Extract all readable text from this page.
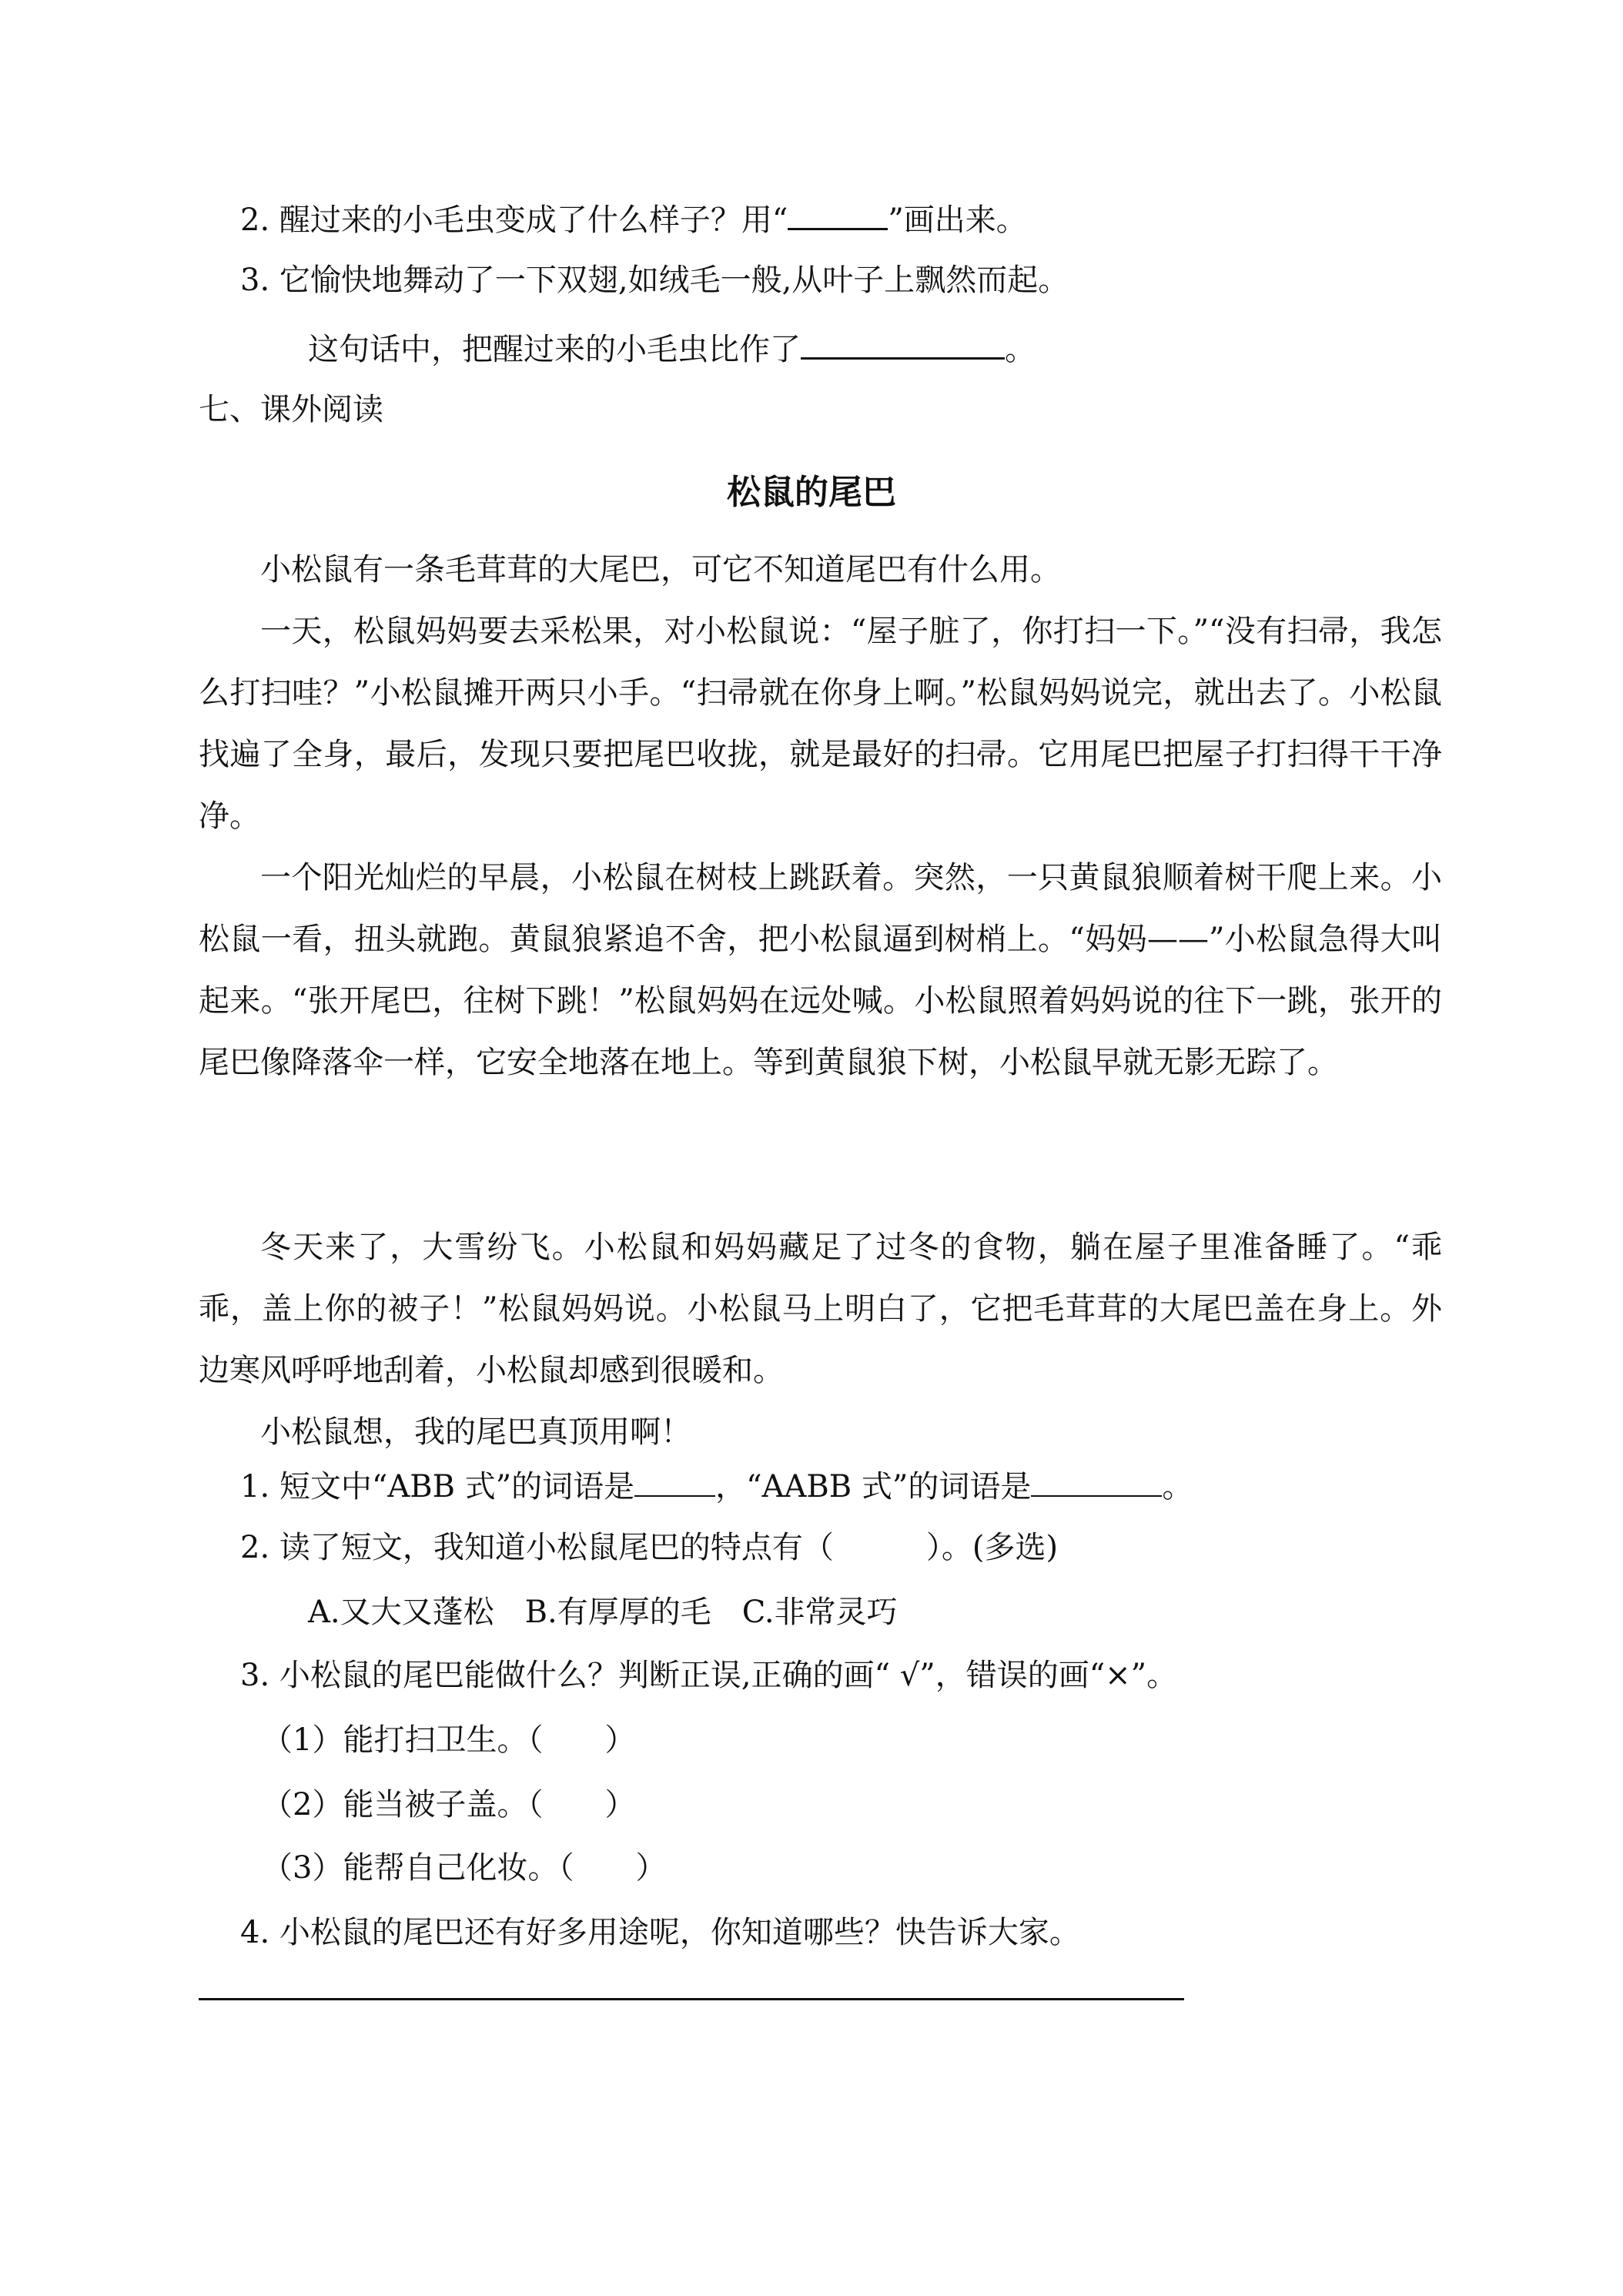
2. 醒过来的小毛虫变成了什么样子？用“	”画出来。
3. 它愉快地舞动了一下双翅,如绒毛一般,从叶子上飘然而起。
这句话中，把醒过来的小毛虫比作了	。
七、课外阅读
松鼠的尾巴

小松鼠有一条毛茸茸的大尾巴，可它不知道尾巴有什么用。

一天，松鼠妈妈要去采松果，对小松鼠说：“屋子脏了，你打扫一下。”“没有扫帚，我怎么打扫哇？”小松鼠摊开两只小手。“扫帚就在你身上啊。”松鼠妈妈说完，就出去了。小松鼠找遍了全身，最后，发现只要把尾巴收拢，就是最好的扫帚。它用尾巴把屋子打扫得干干净净。

一个阳光灿烂的早晨，小松鼠在树枝上跳跃着。突然，一只黄鼠狼顺着树干爬上来。小松鼠一看，扭头就跑。黄鼠狼紧追不舍，把小松鼠逼到树梢上。“妈妈——”小松鼠急得大叫起来。“张开尾巴，往树下跳！”松鼠妈妈在远处喊。小松鼠照着妈妈说的往下一跳，张开的尾巴像降落伞一样，它安全地落在地上。等到黄鼠狼下树，小松鼠早就无影无踪了。

冬天来了，大雪纷飞。小松鼠和妈妈藏足了过冬的食物，躺在屋子里准备睡了。“乖乖，盖上你的被子！”松鼠妈妈说。小松鼠马上明白了，它把毛茸茸的大尾巴盖在身上。外边寒风呼呼地刮着，小松鼠却感到很暖和。

小松鼠想，我的尾巴真顶用啊！

1. 短文中“ABB 式”的词语是	，“AABB 式”的词语是	。
2. 读了短文，我知道小松鼠尾巴的特点有（　　　）。(多选)
A.又大又蓬松　B.有厚厚的毛　C.非常灵巧
3. 小松鼠的尾巴能做什么？判断正误,正确的画“ √”，错误的画“×”。
（1）能打扫卫生。（　　）
（2）能当被子盖。（　　）
（3）能帮自己化妆。（　　）
4. 小松鼠的尾巴还有好多用途呢，你知道哪些？快告诉大家。
